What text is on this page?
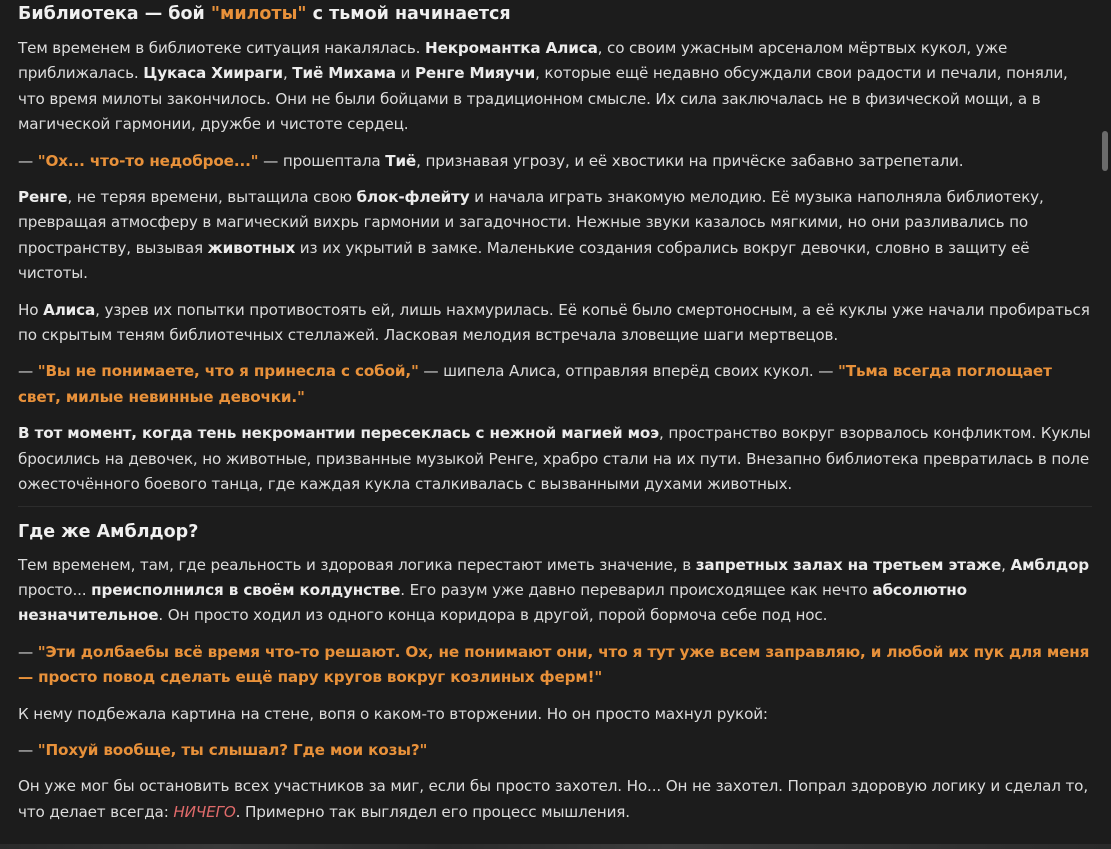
Библиотека — бой "милоты" с тьмой начинается

Тем временем в библиотеке ситуация накалялась. Некромантка Алиса, со своим ужасным арсеналом мёртвых кукол, уже приближалась. Цукаса Хиираги, Тиё Михама и Ренге Мияучи, которые ещё недавно обсуждали свои радости и печали, поняли, что время милоты закончилось. Они не были бойцами в традиционном смысле. Их сила заключалась не в физической мощи, а в магической гармонии, дружбе и чистоте сердец.

— "Ох... что-то недоброе..." — прошептала Тиё, признавая угрозу, и её хвостики на причёске забавно затрепетали.

Ренге, не теряя времени, вытащила свою блок-флейту и начала играть знакомую мелодию. Её музыка наполняла библиотеку, превращая атмосферу в магический вихрь гармонии и загадочности. Нежные звуки казалось мягкими, но они разливались по пространству, вызывая животных из их укрытий в замке. Маленькие создания собрались вокруг девочки, словно в защиту её чистоты.

Но Алиса, узрев их попытки противостоять ей, лишь нахмурилась. Её копьё было смертоносным, а её куклы уже начали пробираться по скрытым теням библиотечных стеллажей. Ласковая мелодия встречала зловещие шаги мертвецов.

— "Вы не понимаете, что я принесла с собой," — шипела Алиса, отправляя вперёд своих кукол. — "Тьма всегда поглощает свет, милые невинные девочки."

В тот момент, когда тень некромантии пересеклась с нежной магией моэ, пространство вокруг взорвалось конфликтом. Куклы бросились на девочек, но животные, призванные музыкой Ренге, храбро стали на их пути. Внезапно библиотека превратилась в поле ожесточённого боевого танца, где каждая кукла сталкивалась с вызванными духами животных.

Где же Амблдор?

Тем временем, там, где реальность и здоровая логика перестают иметь значение, в запретных залах на третьем этаже, Амблдор просто... преисполнился в своём колдунстве. Его разум уже давно переварил происходящее как нечто абсолютно незначительное. Он просто ходил из одного конца коридора в другой, порой бормоча себе под нос.

— "Эти долбаебы всё время что-то решают. Ох, не понимают они, что я тут уже всем заправляю, и любой их пук для меня — просто повод сделать ещё пару кругов вокруг козлиных ферм!"

К нему подбежала картина на стене, вопя о каком-то вторжении. Но он просто махнул рукой:

— "Похуй вообще, ты слышал? Где мои козы?"

Он уже мог бы остановить всех участников за миг, если бы просто захотел. Но... Он не захотел. Попрал здоровую логику и сделал то, что делает всегда: НИЧЕГО. Примерно так выглядел его процесс мышления.
